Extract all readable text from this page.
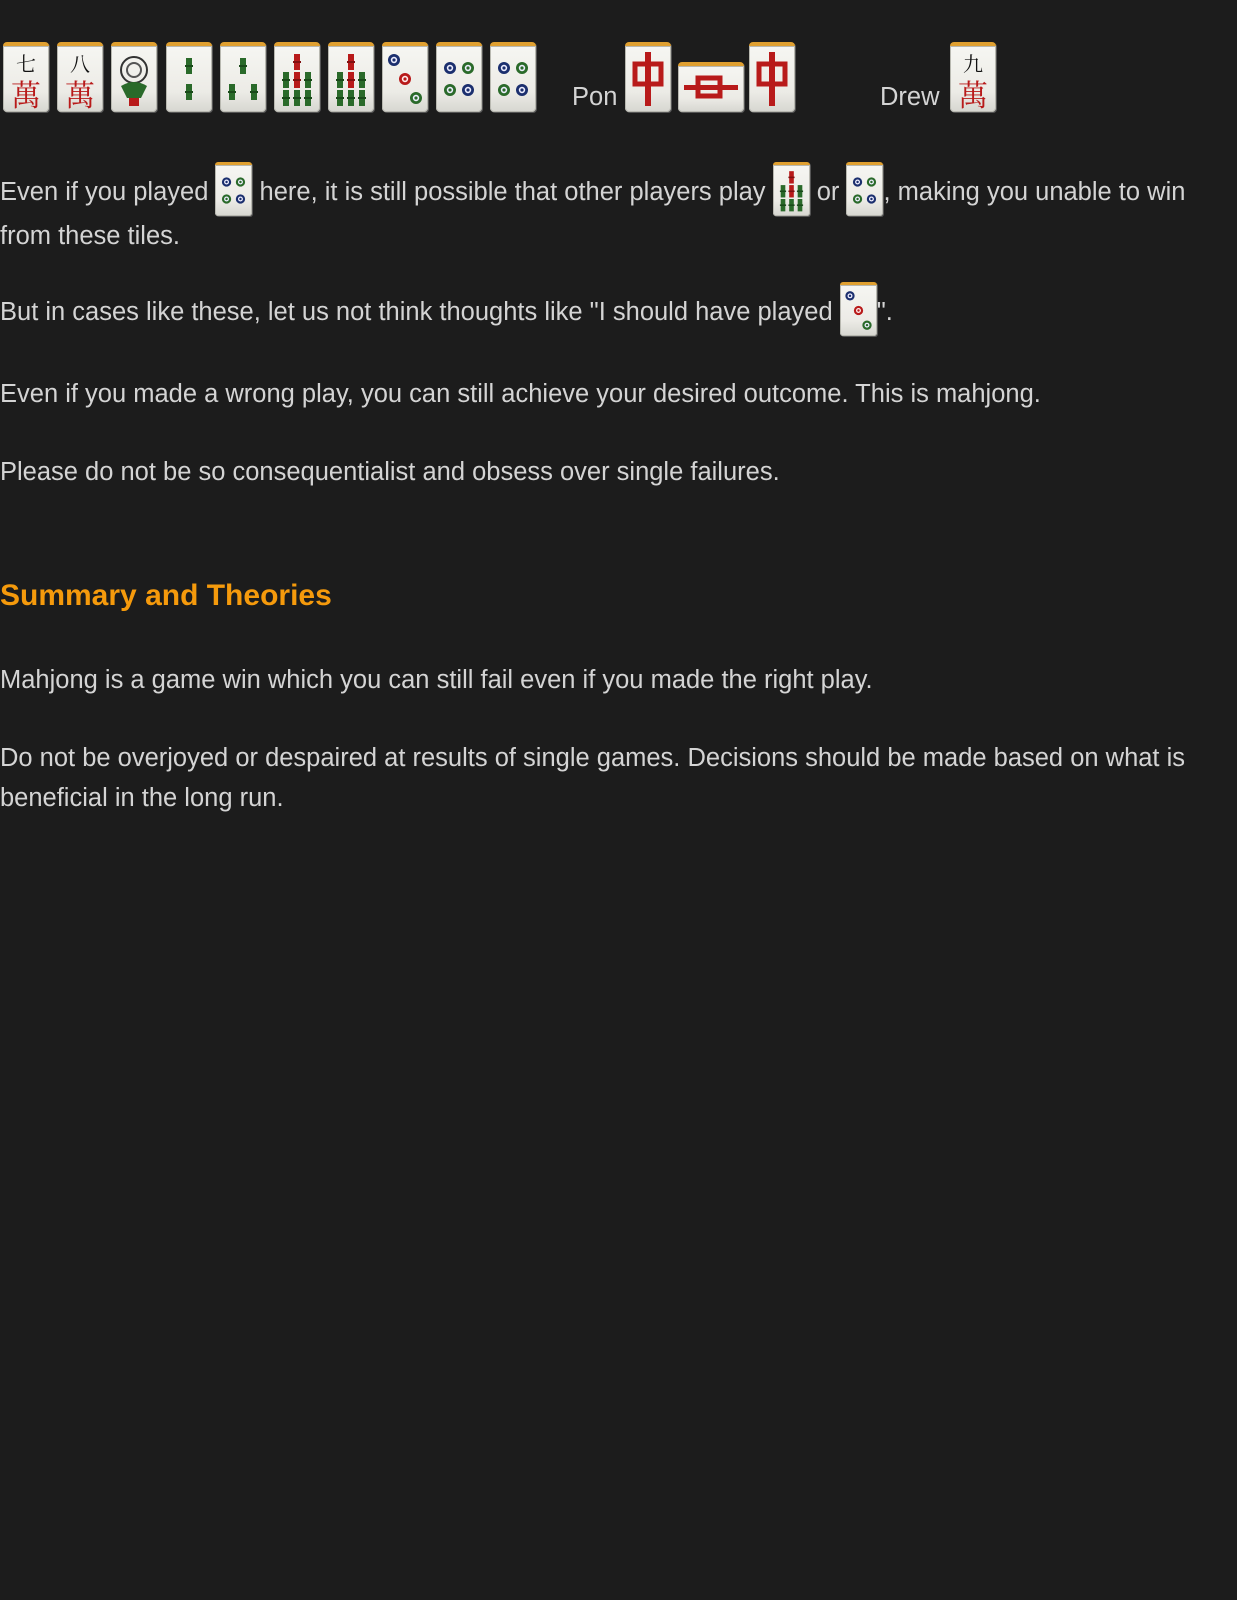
七 八
Pon	Drew
九

Even if you played
here, it is still possible that other players play
or
, making you unable to win from these tiles.

But in cases like these, let us not think thoughts like "I should have played
".

Even if you made a wrong play, you can still achieve your desired outcome. This is mahjong.

Please do not be so consequentialist and obsess over single failures.

Summary and Theories

Mahjong is a game win which you can still fail even if you made the right play.

Do not be overjoyed or despaired at results of single games. Decisions should be made based on what is beneficial in the long run.
